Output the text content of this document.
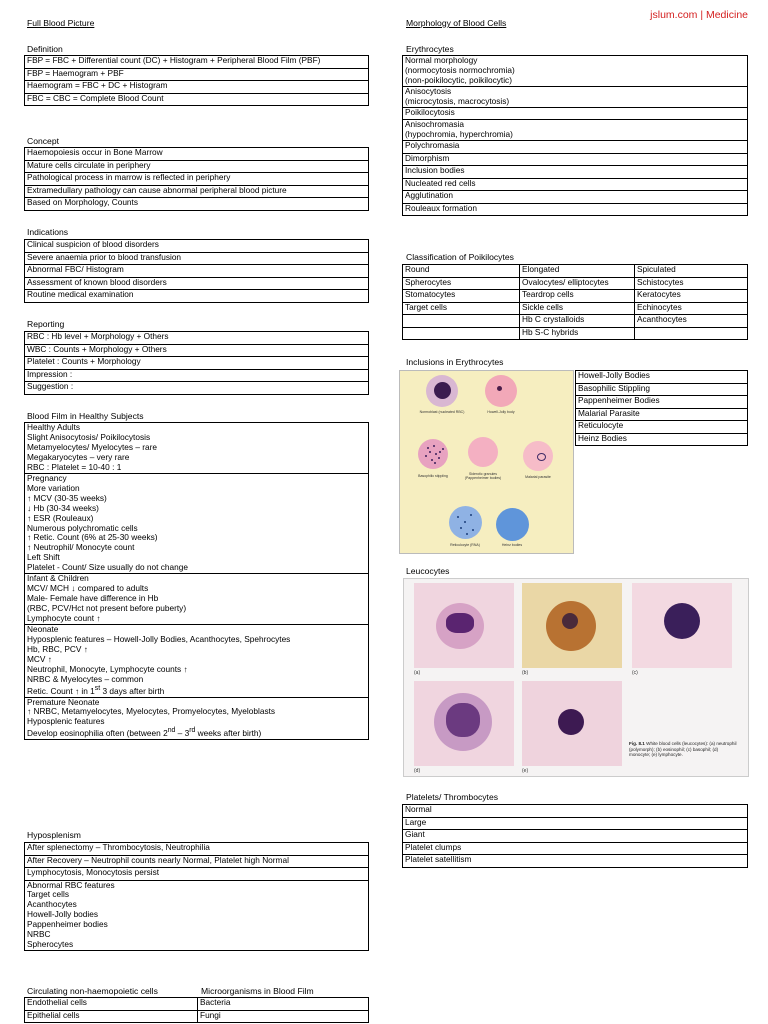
jslum.com | Medicine
Full Blood Picture
Definition
FBP = FBC + Differential count (DC) + Histogram + Peripheral Blood Film (PBF)
FBP = Haemogram + PBF
Haemogram = FBC + DC + Histogram
FBC = CBC = Complete Blood Count
Concept
Haemopoiesis occur in Bone Marrow
Mature cells circulate in periphery
Pathological process in marrow is reflected in periphery
Extramedullary pathology can cause abnormal peripheral blood picture
Based on Morphology, Counts
Indications
Clinical suspicion of blood disorders
Severe anaemia prior to blood transfusion
Abnormal FBC/ Histogram
Assessment of known blood disorders
Routine medical examination
Reporting
RBC : Hb level + Morphology + Others
WBC : Counts + Morphology + Others
Platelet : Counts + Morphology
Impression :
Suggestion :
Blood Film in Healthy Subjects
Healthy Adults
Slight Anisocytosis/ Poikilocytosis
Metamyelocytes/ Myelocytes – rare
Megakaryocytes – very rare
RBC : Platelet = 10-40 : 1

Pregnancy
More variation
↑ MCV (30-35 weeks)
↓ Hb (30-34 weeks)
↑ ESR (Rouleaux)
Numerous polychromatic cells
↑ Retic. Count (6% at 25-30 weeks)
↑ Neutrophil/ Monocyte count
Left Shift
Platelet - Count/ Size usually do not change

Infant & Children
MCV/ MCH ↓ compared to adults
Male- Female have difference in Hb
(RBC, PCV/Hct not present before puberty)
Lymphocyte count ↑

Neonate
Hyposplenic features – Howell-Jolly Bodies, Acanthocytes, Spehrocytes
Hb, RBC, PCV ↑
MCV ↑
Neutrophil, Monocyte, Lymphocyte counts ↑
NRBC & Myelocytes – common
Retic. Count ↑ in 1st 3 days after birth

Premature Neonate
↑ NRBC, Metamyelocytes, Myelocytes, Promyelocytes, Myeloblasts
Hyposplenic features
Develop eosinophilia often (between 2nd – 3rd weeks after birth)
Hyposplenism
After splenectomy – Thrombocytosis, Neutrophilia
After Recovery – Neutrophil counts nearly Normal, Platelet high Normal
Lymphocytosis, Monocytosis persist

Abnormal RBC features
Target cells
Acanthocytes
Howell-Jolly bodies
Pappenheimer bodies
NRBC
Spherocytes
Circulating non-haemopoietic cells	Microorganisms in Blood Film
Endothelial cells	Bacteria
Epithelial cells	Fungi
Morphology of Blood Cells
Erythrocytes
Normal morphology
(normocytosis normochromia)
(non-poikilocytic, poikilocytic)

Anisocytosis
(microcytosis, macrocytosis)

Poikilocytosis

Anisochromasia
(hypochromia, hyperchromia)

Polychromasia
Dimorphism
Inclusion bodies
Nucleated red cells
Agglutination
Rouleaux formation
Classification of Poikilocytes
Round	Elongated	Spiculated
Spherocytes	Ovalocytes/ elliptocytes	Schistocytes
Stomatocytes	Teardrop cells	Keratocytes
Target cells	Sickle cells	Echinocytes
	Hb C crystalloids	Acanthocytes
	Hb S-C hybrids	
Inclusions in Erythrocytes
Normoblast (nucleated RBC)	Howell-Jolly body
Basophilic stippling	Siderotic granules (Pappenheimer bodies)	Malarial parasite
Reticulocyte (RNA)	Heinz bodies
Howell-Jolly Bodies
Basophilic Stippling
Pappenheimer Bodies
Malarial Parasite
Reticulocyte
Heinz Bodies
Leucocytes
(a)	(b)	(c)
(d)	(e)
Fig. 8.1 White blood cells (leucocytes): (a) neutrophil (polymorph); (b) eosinophil; (c) basophil; (d) monocyte; (e) lymphocyte.
Platelets/ Thrombocytes
Normal
Large
Giant
Platelet clumps
Platelet satellitism
